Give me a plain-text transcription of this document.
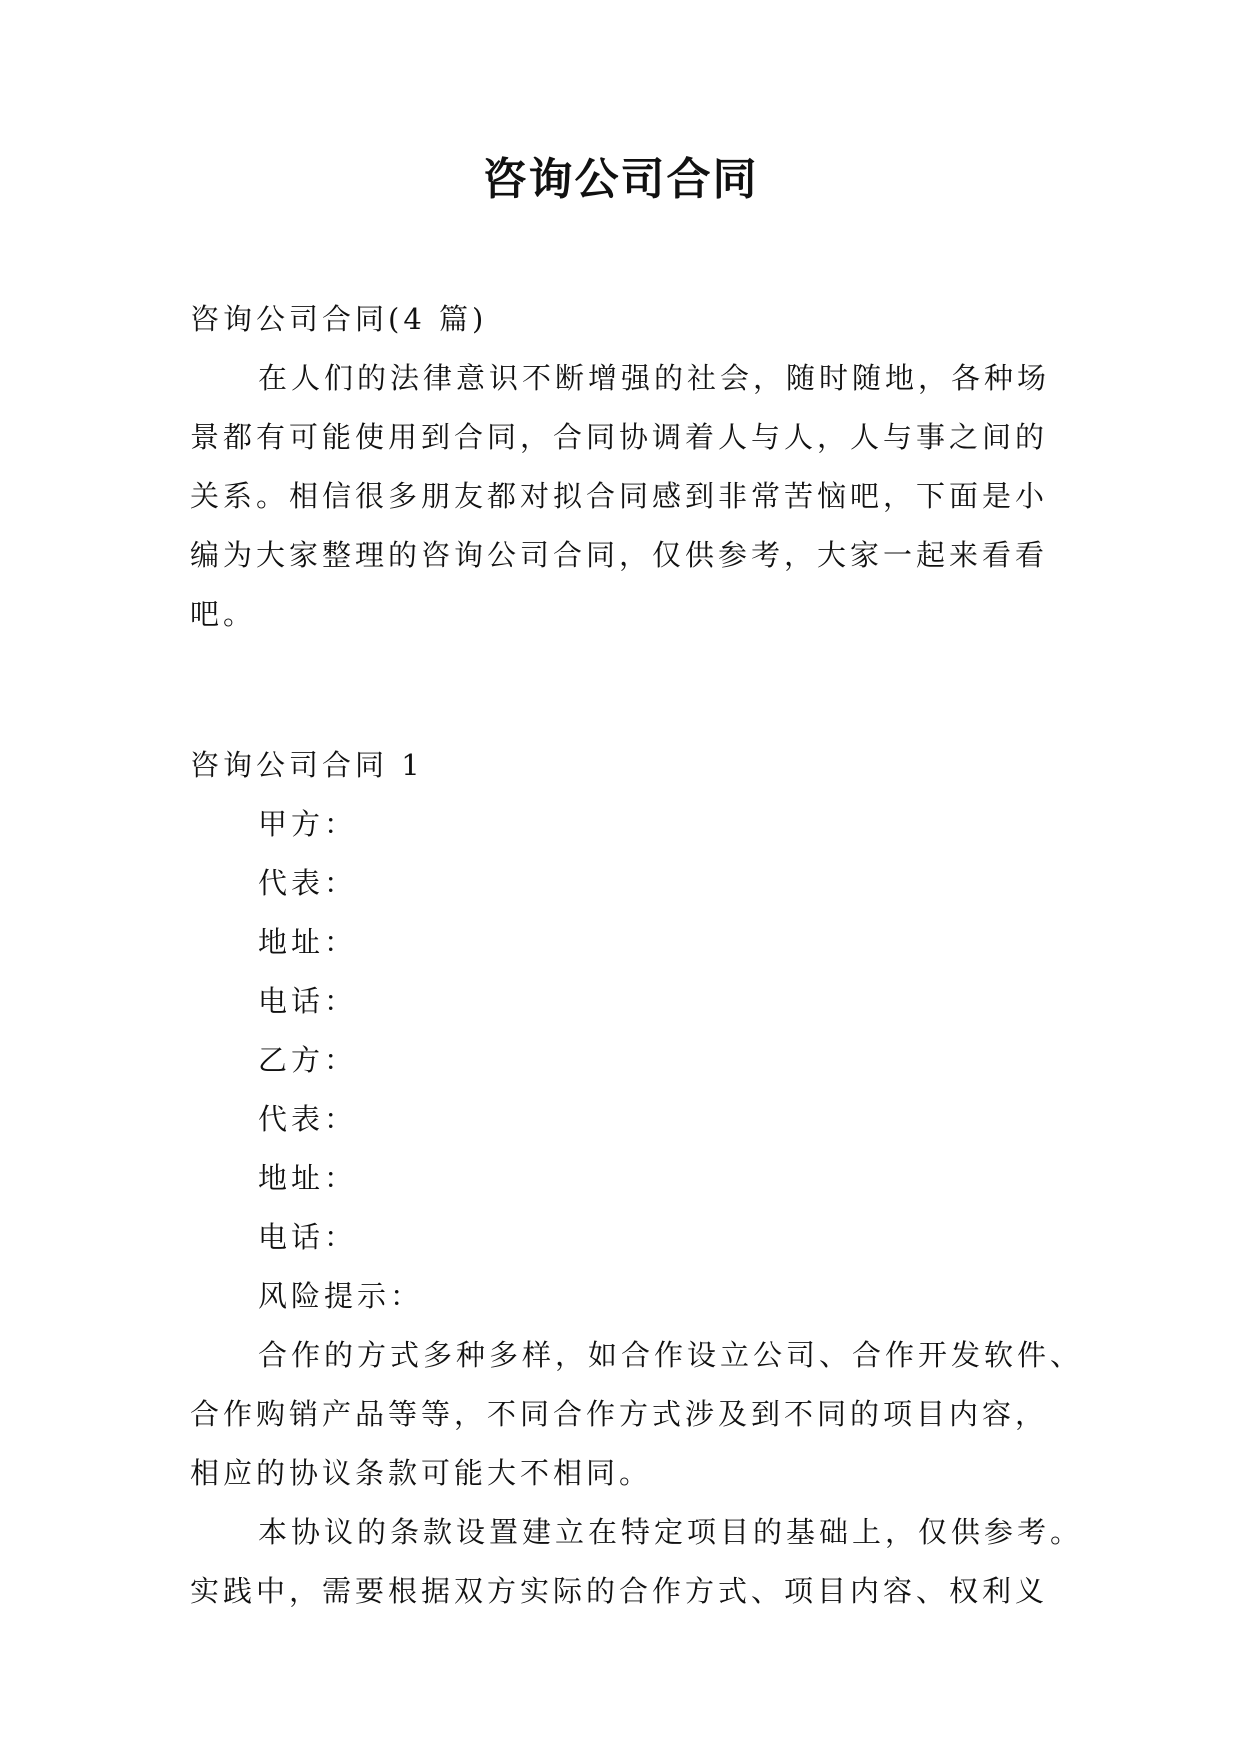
咨询公司合同
咨询公司合同(4 篇)
在人们的法律意识不断增强的社会，随时随地，各种场
景都有可能使用到合同，合同协调着人与人，人与事之间的
关系。相信很多朋友都对拟合同感到非常苦恼吧，下面是小
编为大家整理的咨询公司合同，仅供参考，大家一起来看看
吧。
咨询公司合同 1
甲方：
代表：
地址：
电话：
乙方：
代表：
地址：
电话：
风险提示：
合作的方式多种多样，如合作设立公司、合作开发软件、
合作购销产品等等，不同合作方式涉及到不同的项目内容，
相应的协议条款可能大不相同。
本协议的条款设置建立在特定项目的基础上，仅供参考。
实践中，需要根据双方实际的合作方式、项目内容、权利义
